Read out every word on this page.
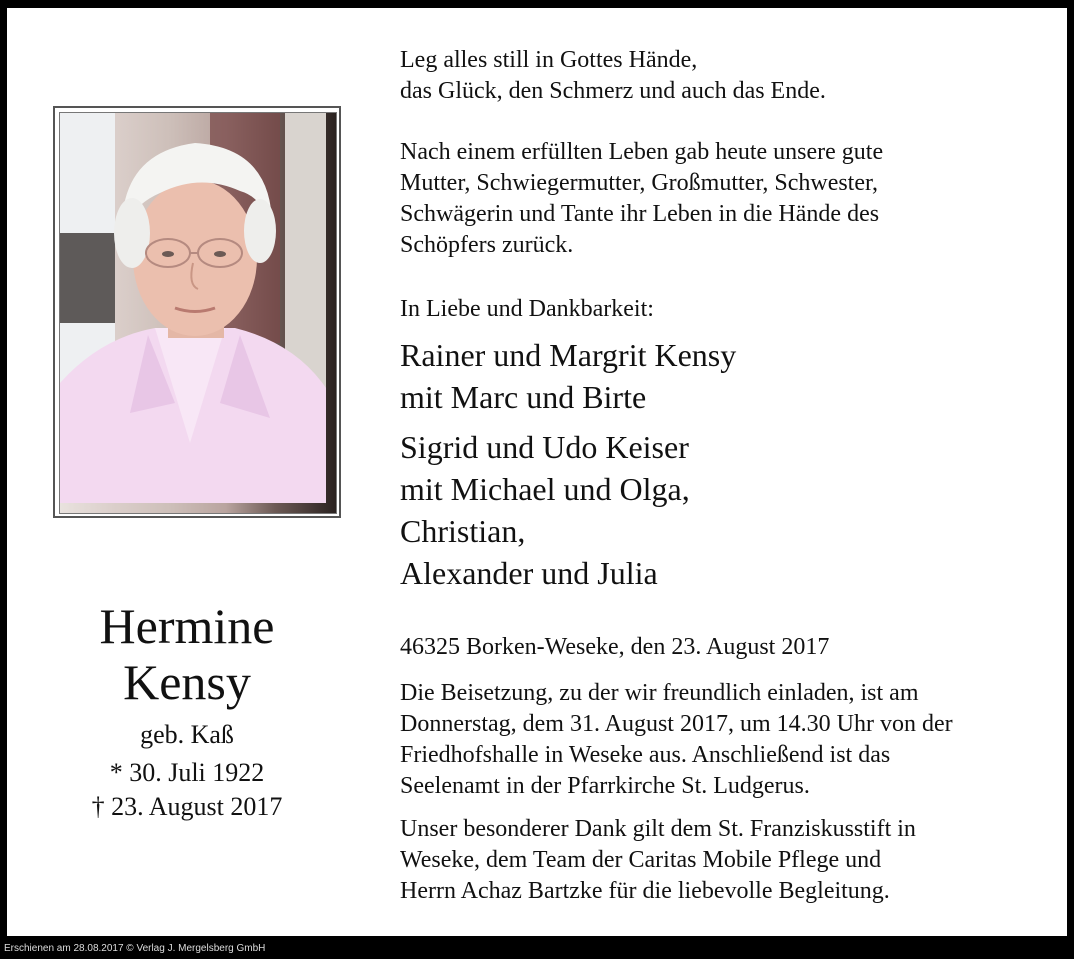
Hermine
Kensy
geb. Kaß
* 30. Juli 1922
† 23. August 2017
Leg alles still in Gottes Hände,
das Glück, den Schmerz und auch das Ende.
Nach einem erfüllten Leben gab heute unsere gute
Mutter, Schwiegermutter, Großmutter, Schwester,
Schwägerin und Tante ihr Leben in die Hände des
Schöpfers zurück.
In Liebe und Dankbarkeit:
Rainer und Margrit Kensy
mit Marc und Birte
Sigrid und Udo Keiser
mit Michael und Olga,
Christian,
Alexander und Julia
46325 Borken-Weseke, den 23. August 2017
Die Beisetzung, zu der wir freundlich einladen, ist am
Donnerstag, dem 31. August 2017, um 14.30 Uhr von der
Friedhofshalle in Weseke aus. Anschließend ist das
Seelenamt in der Pfarrkirche St. Ludgerus.
Unser besonderer Dank gilt dem St. Franziskusstift in
Weseke, dem Team der Caritas Mobile Pflege und
Herrn Achaz Bartzke für die liebevolle Begleitung.
Erschienen am 28.08.2017 © Verlag J. Mergelsberg GmbH
